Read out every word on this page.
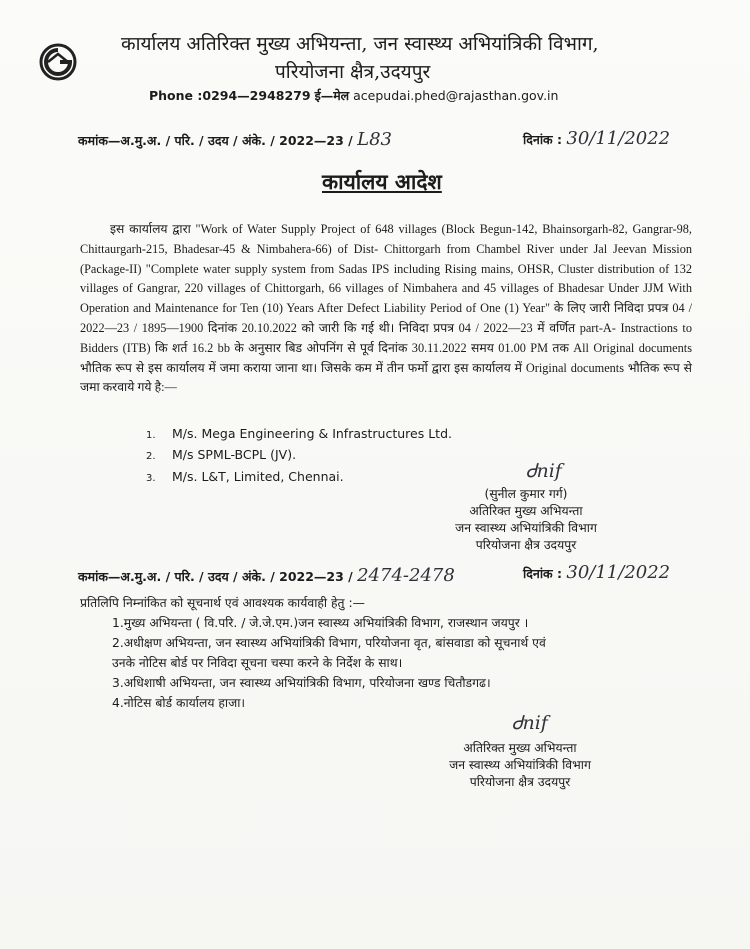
कार्यालय अतिरिक्त मुख्य अभियन्ता, जन स्वास्थ्य अभियांत्रिकी विभाग,
परियोजना क्षैत्र,उदयपुर
Phone :0294—2948279 ई—मेल acepudai.phed@rajasthan.gov.in
कमांक—अ.मु.अ. / परि. / उदय / अंके. / 2022—23 / L83	दिनांक : 30/11/2022
कार्यालय आदेश
इस कार्यालय द्वारा "Work of Water Supply Project of 648 villages (Block Begun-142, Bhainsorgarh-82, Gangrar-98, Chittaurgarh-215, Bhadesar-45 & Nimbahera-66) of Dist- Chittorgarh from Chambel River under Jal Jeevan Mission (Package-II) "Complete water supply system from Sadas IPS including Rising mains, OHSR, Cluster distribution of 132 villages of Gangrar, 220 villages of Chittorgarh, 66 villages of Nimbahera and 45 villages of Bhadesar Under JJM With Operation and Maintenance for Ten (10) Years After Defect Liability Period of One (1) Year" के लिए जारी निविदा प्रपत्र 04 / 2022—23 / 1895—1900 दिनांक 20.10.2022 को जारी कि गई थी। निविदा प्रपत्र 04 / 2022—23 में वर्णित part-A- Instractions to Bidders (ITB) कि शर्त 16.2 bb के अनुसार बिड ओपनिंग से पूर्व दिनांक 30.11.2022 समय 01.00 PM तक All Original documents भौतिक रूप से इस कार्यालय में जमा कराया जाना था। जिसके कम में तीन फर्मो द्वारा इस कार्यालय में Original documents भौतिक रूप से जमा करवाये गये है:—
1. M/s. Mega Engineering & Infrastructures Ltd.
2. M/s SPML-BCPL (JV).
3. M/s. L&T, Limited, Chennai.	Ꮷnif
(सुनील कुमार गर्ग)
अतिरिक्त मुख्य अभियन्ता
जन स्वास्थ्य अभियांत्रिकी विभाग
परियोजना क्षैत्र उदयपुर
कमांक—अ.मु.अ. / परि. / उदय / अंके. / 2022—23 / 2474-2478	दिनांक : 30/11/2022
प्रतिलिपि निम्नांकित को सूचनार्थ एवं आवश्यक कार्यवाही हेतु :—
1.मुख्य अभियन्ता ( वि.परि. / जे.जे.एम.)जन स्वास्थ्य अभियांत्रिकी विभाग, राजस्थान जयपुर ।
2.अधीक्षण अभियन्ता, जन स्वास्थ्य अभियांत्रिकी विभाग, परियोजना वृत, बांसवाडा को सूचनार्थ एवं
उनके नोटिस बोर्ड पर निविदा सूचना चस्पा करने के निर्देश के साथ।
3.अधिशाषी अभियन्ता, जन स्वास्थ्य अभियांत्रिकी विभाग, परियोजना खण्ड चितौडगढ।
4.नोटिस बोर्ड कार्यालय हाजा।
Ꮷnif
अतिरिक्त मुख्य अभियन्ता
जन स्वास्थ्य अभियांत्रिकी विभाग
परियोजना क्षैत्र उदयपुर
